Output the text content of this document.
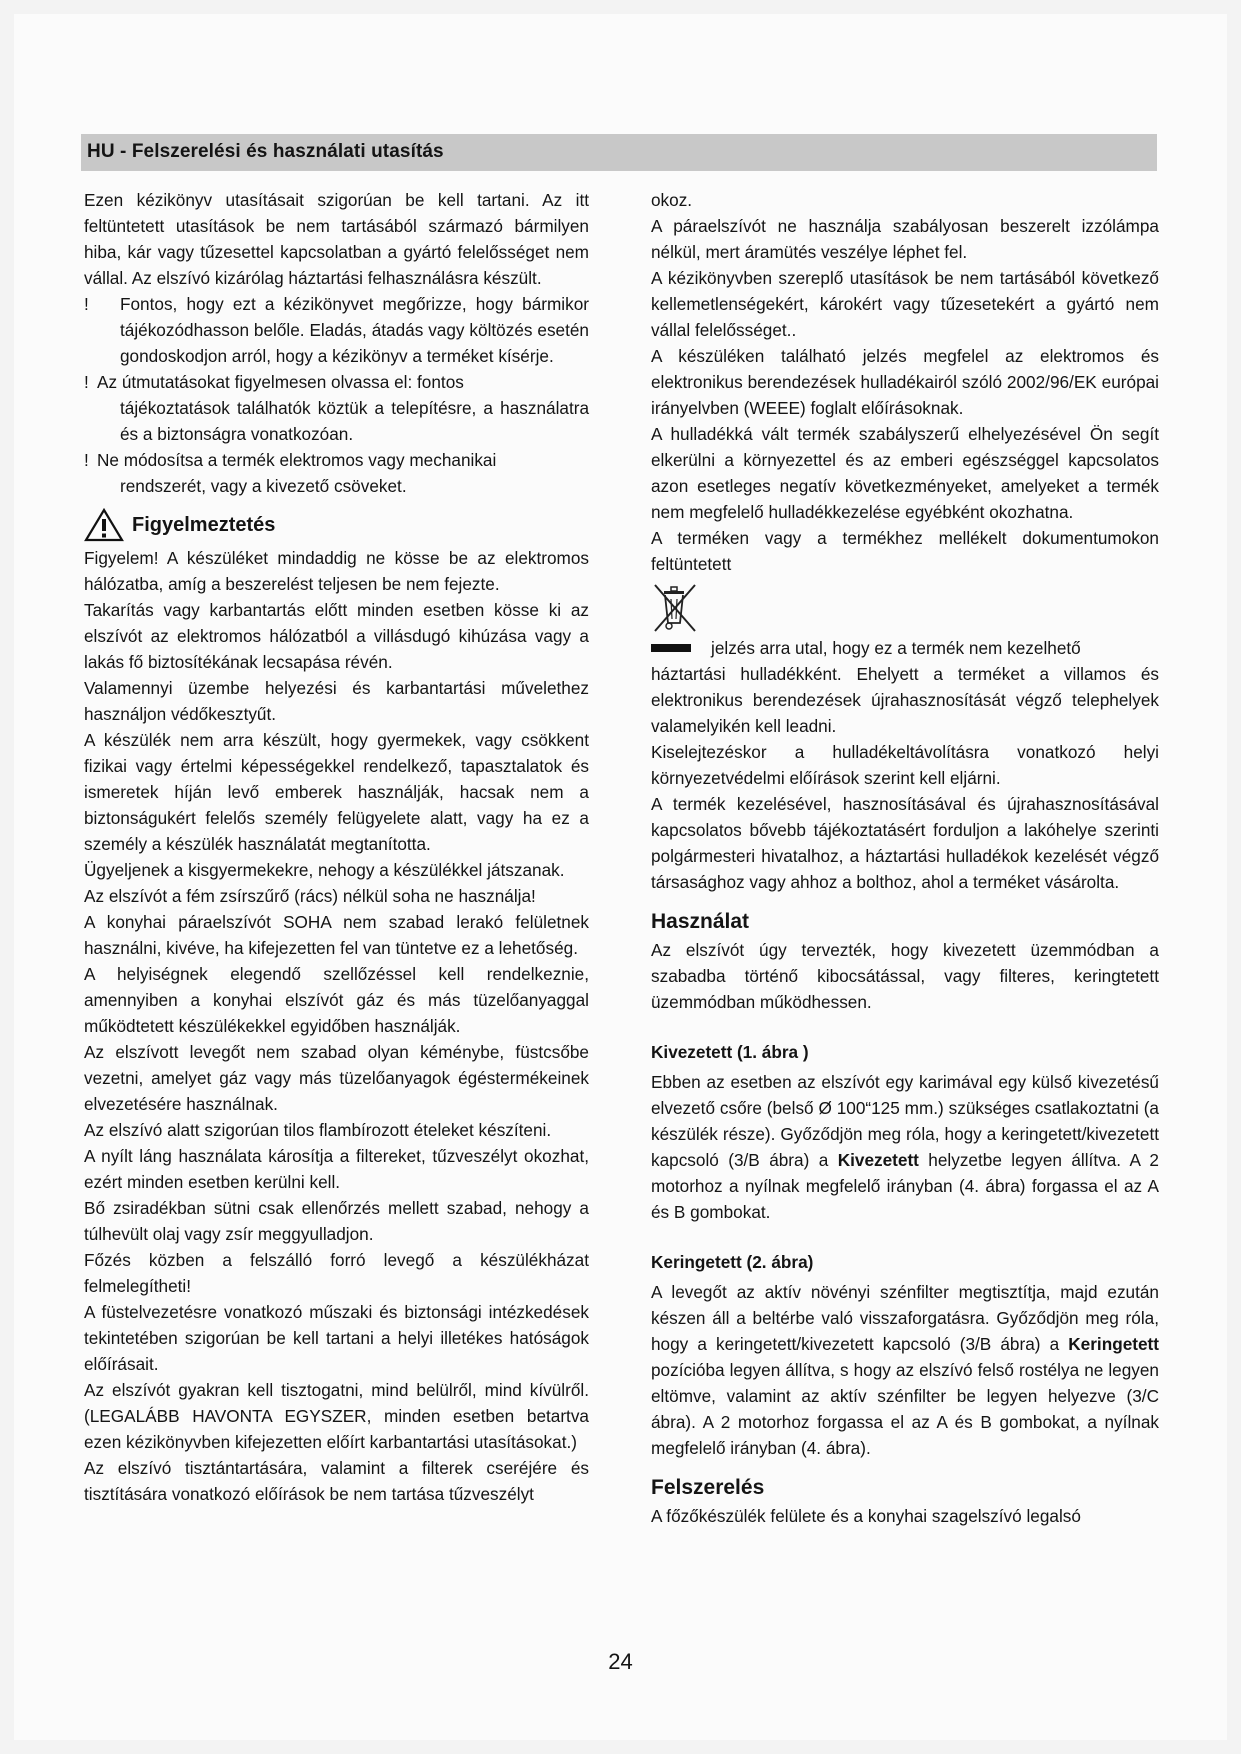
HU - Felszerelési és használati utasítás

Ezen kézikönyv utasításait szigorúan be kell tartani. Az itt feltüntetett utasítások be nem tartásából származó bármilyen hiba, kár vagy tűzesettel kapcsolatban a gyártó felelősséget nem vállal. Az elszívó kizárólag háztartási felhasználásra készült.

!	Fontos, hogy ezt a kézikönyvet megőrizze, hogy bármikor tájékozódhasson belőle. Eladás, átadás vagy költözés esetén gondoskodjon arról, hogy a kézikönyv a terméket kísérje.
! Az útmutatásokat figyelmesen olvassa el: fontos
tájékoztatások találhatók köztük a telepítésre, a használatra és a biztonságra vonatkozóan.
! Ne módosítsa a termék elektromos vagy mechanikai
rendszerét, vagy a kivezető csöveket.
Figyelmeztetés

Figyelem! A készüléket mindaddig ne kösse be az elektromos hálózatba, amíg a beszerelést teljesen be nem fejezte.

Takarítás vagy karbantartás előtt minden esetben kösse ki az elszívót az elektromos hálózatból a villásdugó kihúzása vagy a lakás fő biztosítékának lecsapása révén.

Valamennyi üzembe helyezési és karbantartási művelethez használjon védőkesztyűt.

A készülék nem arra készült, hogy gyermekek, vagy csökkent fizikai vagy értelmi képességekkel rendelkező, tapasztalatok és ismeretek híján levő emberek használják, hacsak nem a biztonságukért felelős személy felügyelete alatt, vagy ha ez a személy a készülék használatát megtanította.

Ügyeljenek a kisgyermekekre, nehogy a készülékkel játszanak.

Az elszívót a fém zsírszűrő (rács) nélkül soha ne használja!

A konyhai páraelszívót SOHA nem szabad lerakó felületnek használni, kivéve, ha kifejezetten fel van tüntetve ez a lehetőség.

A helyiségnek elegendő szellőzéssel kell rendelkeznie, amennyiben a konyhai elszívót gáz és más tüzelőanyaggal működtetett készülékekkel egyidőben használják.

Az elszívott levegőt nem szabad olyan kéménybe, füstcsőbe vezetni, amelyet gáz vagy más tüzelőanyagok égéstermékeinek elvezetésére használnak.

Az elszívó alatt szigorúan tilos flambírozott ételeket készíteni.

A nyílt láng használata károsítja a filtereket, tűzveszélyt okozhat, ezért minden esetben kerülni kell.

Bő zsiradékban sütni csak ellenőrzés mellett szabad, nehogy a túlhevült olaj vagy zsír meggyulladjon.

Főzés közben a felszálló forró levegő a készülékházat felmelegítheti!

A füstelvezetésre vonatkozó műszaki és biztonsági intézkedések tekintetében szigorúan be kell tartani a helyi illetékes hatóságok előírásait.

Az elszívót gyakran kell tisztogatni, mind belülről, mind kívülről. (LEGALÁBB HAVONTA EGYSZER, minden esetben betartva ezen kézikönyvben kifejezetten előírt karbantartási utasításokat.)

Az elszívó tisztántartására, valamint a filterek cseréjére és tisztítására vonatkozó előírások be nem tartása tűzveszélyt

okoz.

A páraelszívót ne használja szabályosan beszerelt izzólámpa nélkül, mert áramütés veszélye léphet fel.

A kézikönyvben szereplő utasítások be nem tartásából következő kellemetlenségekért, károkért vagy tűzesetekért a gyártó nem vállal felelősséget..

A készüléken található jelzés megfelel az elektromos és elektronikus berendezések hulladékairól szóló 2002/96/EK európai irányelvben (WEEE) foglalt előírásoknak.

A hulladékká vált termék szabályszerű elhelyezésével Ön segít elkerülni a környezettel és az emberi egészséggel kapcsolatos azon esetleges negatív következményeket, amelyeket a termék nem megfelelő hulladékkezelése egyébként okozhatna.

A terméken vagy a termékhez mellékelt dokumentumokon feltüntetett

jelzés arra utal, hogy ez a termék nem kezelhető

háztartási hulladékként. Ehelyett a terméket a villamos és elektronikus berendezések újrahasznosítását végző telephelyek valamelyikén kell leadni.

Kiselejtezéskor a hulladékeltávolításra vonatkozó helyi környezetvédelmi előírások szerint kell eljárni.

A termék kezelésével, hasznosításával és újrahasznosításával kapcsolatos bővebb tájékoztatásért forduljon a lakóhelye szerinti polgármesteri hivatalhoz, a háztartási hulladékok kezelését végző társasághoz vagy ahhoz a bolthoz, ahol a terméket vásárolta.

Használat

Az elszívót úgy tervezték, hogy kivezetett üzemmódban a szabadba történő kibocsátással, vagy filteres, keringtetett üzemmódban működhessen.

Kivezetett (1. ábra )

Ebben az esetben az elszívót egy karimával egy külső kivezetésű elvezető csőre (belső Ø 100“125 mm.) szükséges csatlakoztatni (a készülék része). Győződjön meg róla, hogy a keringetett/kivezetett kapcsoló (3/B ábra) a Kivezetett helyzetbe legyen állítva. A 2 motorhoz a nyílnak megfelelő irányban (4. ábra) forgassa el az A és B gombokat.

Keringetett (2. ábra)

A levegőt az aktív növényi szénfilter megtisztítja, majd ezután készen áll a beltérbe való visszaforgatásra. Győződjön meg róla, hogy a keringetett/kivezetett kapcsoló (3/B ábra) a Keringetett pozícióba legyen állítva, s hogy az elszívó felső rostélya ne legyen eltömve, valamint az aktív szénfilter be legyen helyezve (3/C ábra). A 2 motorhoz forgassa el az A és B gombokat, a nyílnak megfelelő irányban (4. ábra).

Felszerelés

A főzőkészülék felülete és a konyhai szagelszívó legalsó

24
